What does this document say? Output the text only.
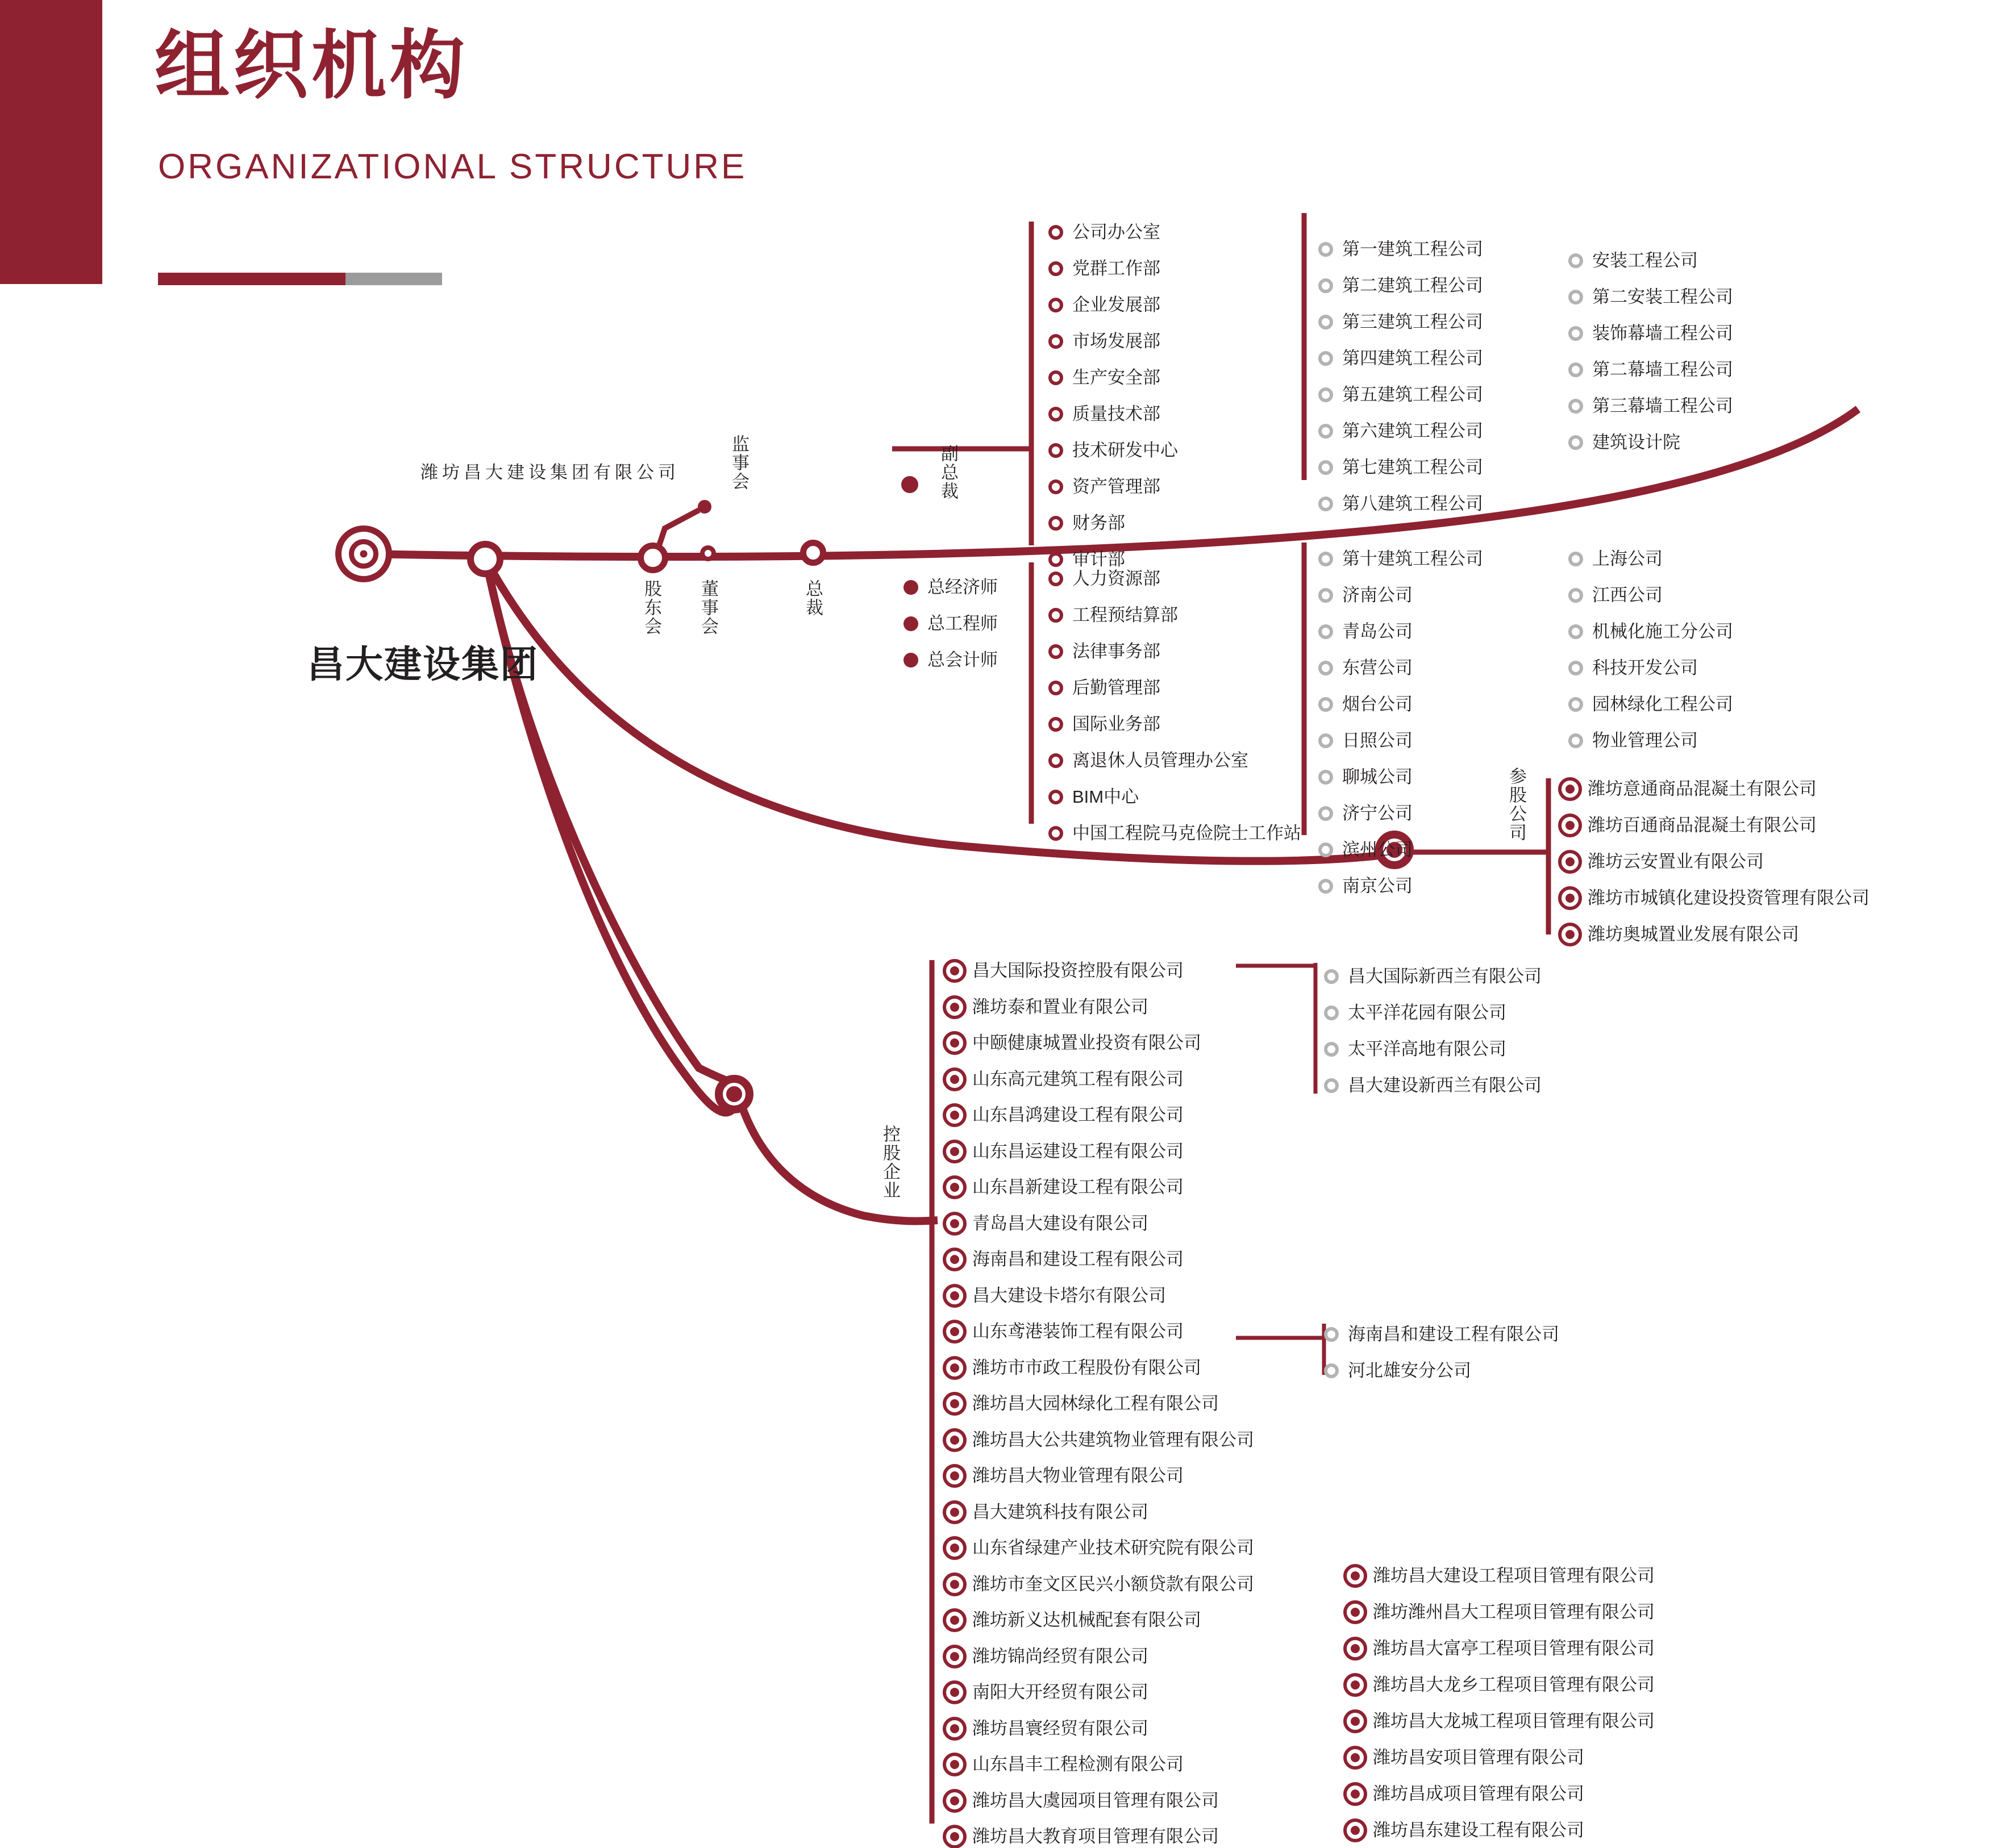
组织机构
ORGANIZATIONAL STRUCTURE
潍坊昌大建设集团有限公司
昌大建设集团
股东会 董事会
监事会
总裁
副总裁
参股公司
控股企业
总经济师
总工程师
总会计师
公司办公室
党群工作部
企业发展部
市场发展部
生产安全部
质量技术部
技术研发中心
资产管理部
财务部
审计部
人力资源部
工程预结算部
法律事务部
后勤管理部
国际业务部
离退休人员管理办公室
BIM中心
中国工程院马克俭院士工作站
第一建筑工程公司
第二建筑工程公司
第三建筑工程公司
第四建筑工程公司
第五建筑工程公司
第六建筑工程公司
第七建筑工程公司
第八建筑工程公司
安装工程公司
第二安装工程公司
装饰幕墙工程公司
第二幕墙工程公司
第三幕墙工程公司
建筑设计院
第十建筑工程公司
济南公司
青岛公司
东营公司
烟台公司
日照公司
聊城公司
济宁公司
滨州公司
南京公司
上海公司
江西公司
机械化施工分公司
科技开发公司
园林绿化工程公司
物业管理公司
潍坊意通商品混凝土有限公司
潍坊百通商品混凝土有限公司
潍坊云安置业有限公司
潍坊市城镇化建设投资管理有限公司
潍坊奥城置业发展有限公司
昌大国际投资控股有限公司
潍坊泰和置业有限公司
中颐健康城置业投资有限公司
山东高元建筑工程有限公司
山东昌鸿建设工程有限公司
山东昌运建设工程有限公司
山东昌新建设工程有限公司
青岛昌大建设有限公司
海南昌和建设工程有限公司
昌大建设卡塔尔有限公司
山东鸢港装饰工程有限公司
潍坊市市政工程股份有限公司
潍坊昌大园林绿化工程有限公司
潍坊昌大公共建筑物业管理有限公司
潍坊昌大物业管理有限公司
昌大建筑科技有限公司
山东省绿建产业技术研究院有限公司
潍坊市奎文区民兴小额贷款有限公司
潍坊新义达机械配套有限公司
潍坊锦尚经贸有限公司
南阳大开经贸有限公司
潍坊昌寰经贸有限公司
山东昌丰工程检测有限公司
潍坊昌大虞园项目管理有限公司
潍坊昌大教育项目管理有限公司
昌大国际新西兰有限公司
太平洋花园有限公司
太平洋高地有限公司
昌大建设新西兰有限公司
海南昌和建设工程有限公司
河北雄安分公司
潍坊昌大建设工程项目管理有限公司
潍坊潍州昌大工程项目管理有限公司
潍坊昌大富亭工程项目管理有限公司
潍坊昌大龙乡工程项目管理有限公司
潍坊昌大龙城工程项目管理有限公司
潍坊昌安项目管理有限公司
潍坊昌成项目管理有限公司
潍坊昌东建设工程有限公司
